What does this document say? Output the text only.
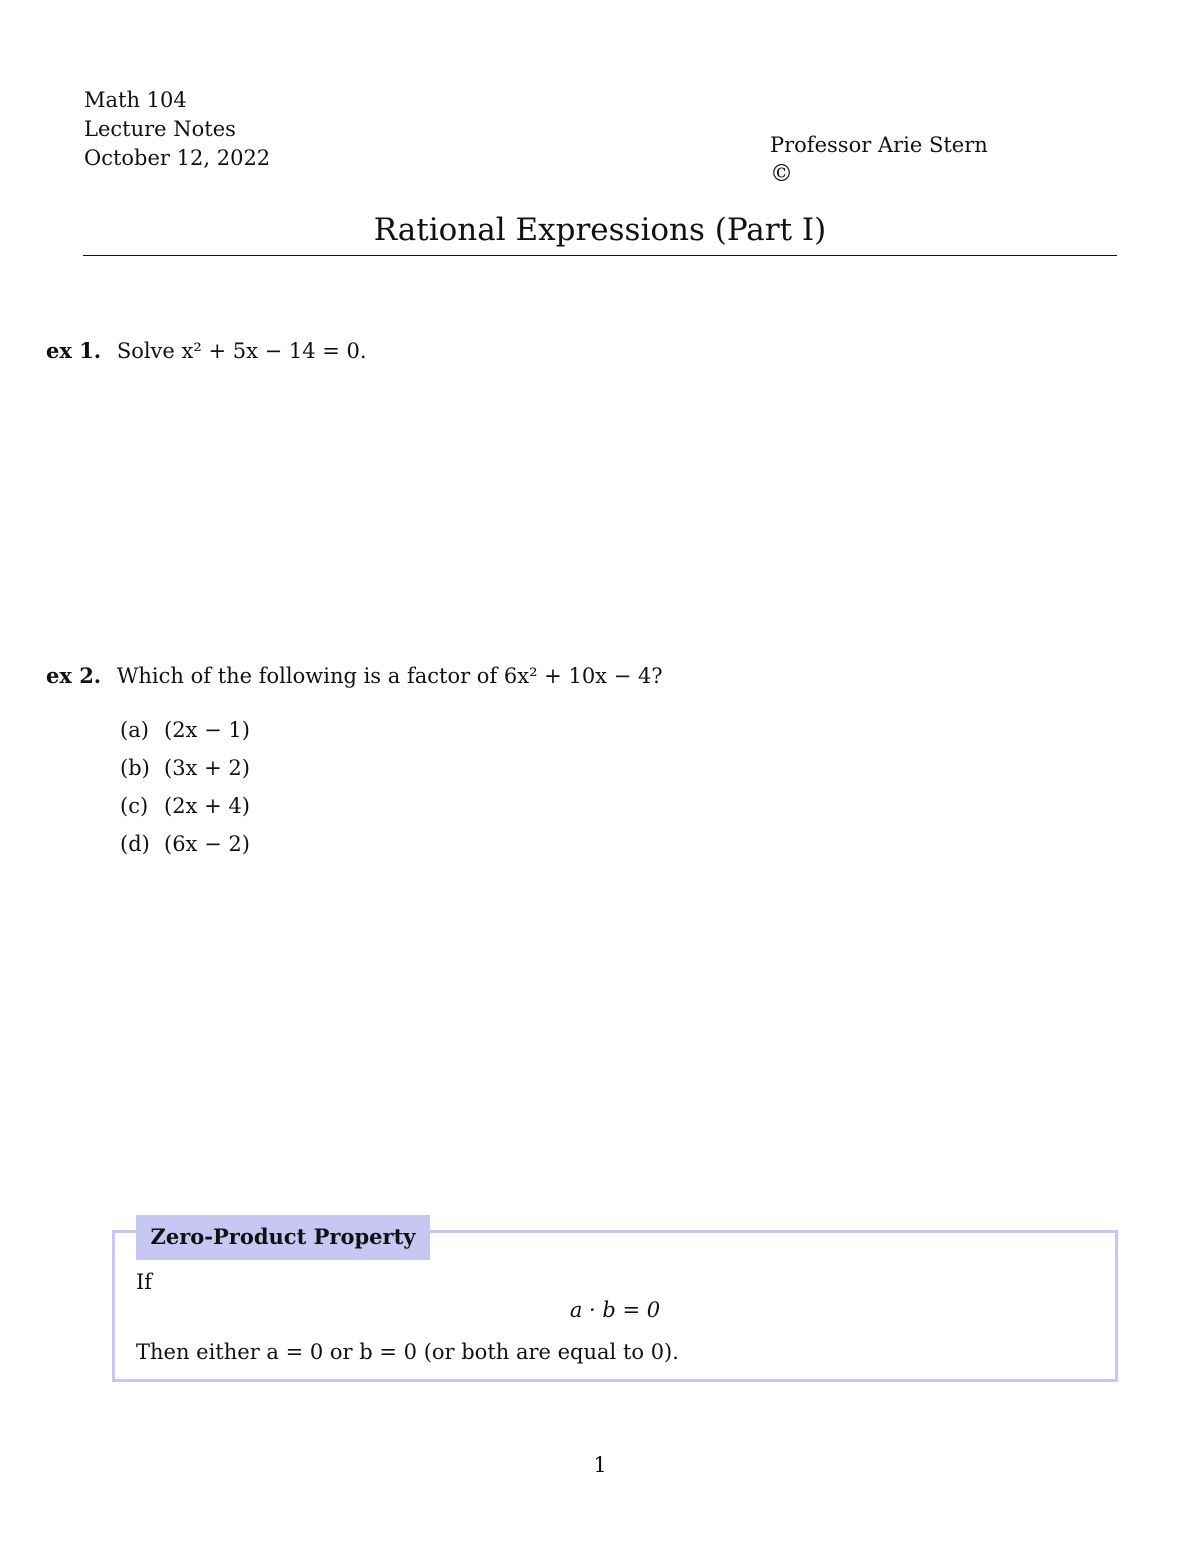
Math 104
Lecture Notes
October 12, 2022
Professor Arie Stern
©
Rational Expressions (Part I)
ex 1. Solve x² + 5x − 14 = 0.
ex 2. Which of the following is a factor of 6x² + 10x − 4?
(a) (2x − 1)
(b) (3x + 2)
(c) (2x + 4)
(d) (6x − 2)
Zero-Product Property
If
a · b = 0
Then either a = 0 or b = 0 (or both are equal to 0).
1
